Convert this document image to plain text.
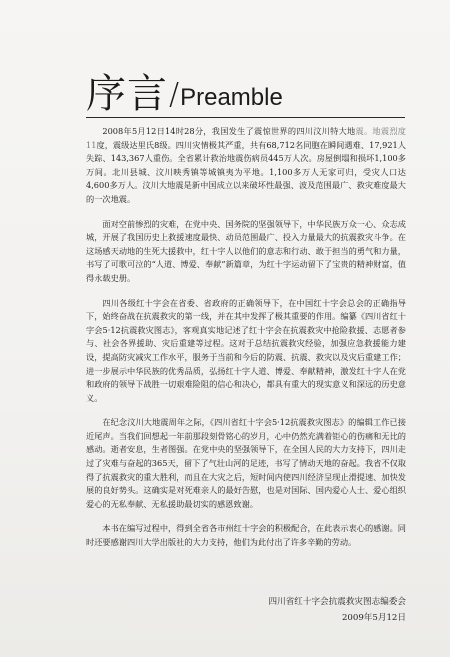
序言 / Preamble

2008年5月12日14时28分，我国发生了震惊世界的四川汶川特大地震。地震烈度11度，震级达里氏8级。四川灾情极其严重，共有68,712名同胞在瞬间遇难、17,921人失踪、143,367人重伤。全省累计救治地震伤病员445万人次。房屋倒塌和损坏1,100多万间。北川县城、汶川映秀镇等城镇夷为平地。1,100多万人无家可归，受灾人口达4,600多万人。汶川大地震是新中国成立以来破坏性最强、波及范围最广、救灾难度最大的一次地震。

面对空前惨烈的灾难，在党中央、国务院的坚强领导下，中华民族万众一心、众志成城，开展了我国历史上救援速度最快、动员范围最广、投入力量最大的抗震救灾斗争。在这场感天动地的生死大援救中，红十字人以他们的意志和行动、敢于担当的勇气和力量，书写了可歌可泣的“人道、博爱、奉献”新篇章，为红十字运动留下了宝贵的精神财富，值得永载史册。

四川各级红十字会在省委、省政府的正确领导下，在中国红十字会总会的正确指导下，始终奋战在抗震救灾的第一线，并在其中发挥了极其重要的作用。编纂《四川省红十字会5·12抗震救灾图志》，客观真实地记述了红十字会在抗震救灾中抢险救援、志愿者参与、社会各界援助、灾后重建等过程。这对于总结抗震救灾经验，加强应急救援能力建设，提高防灾减灾工作水平，服务于当前和今后的防震、抗震、救灾以及灾后重建工作；进一步展示中华民族的优秀品质，弘扬红十字人道、博爱、奉献精神，激发红十字人在党和政府的领导下战胜一切艰难险阻的信心和决心，都具有重大的现实意义和深远的历史意义。

在纪念汶川大地震周年之际，《四川省红十字会5·12抗震救灾图志》的编辑工作已接近尾声。当我们回想起一年前那段刻骨铭心的岁月，心中仍然充满着钜心的伤痛和无比的感动。逝者安息，生者图强。在党中央的坚强领导下，在全国人民的大力支持下，四川走过了灾难与奋起的365天，留下了气壮山河的足迹，书写了情动天地的奋起。我省不仅取得了抗震救灾的重大胜利，而且在大灾之后，短时间内使四川经济呈现止滑提速、加快发展的良好势头。这确实是对死难亲人的最好告慰，也是对国际、国内爱心人士、爱心组织爱心的无私奉献、无私援助最切实的感恩致谢。

本书在编写过程中，得到全省各市州红十字会的积极配合，在此表示衷心的感谢。同时还要感谢四川大学出版社的大力支持，他们为此付出了许多辛勤的劳动。

四川省红十字会抗震救灾图志编委会
2009年5月12日
